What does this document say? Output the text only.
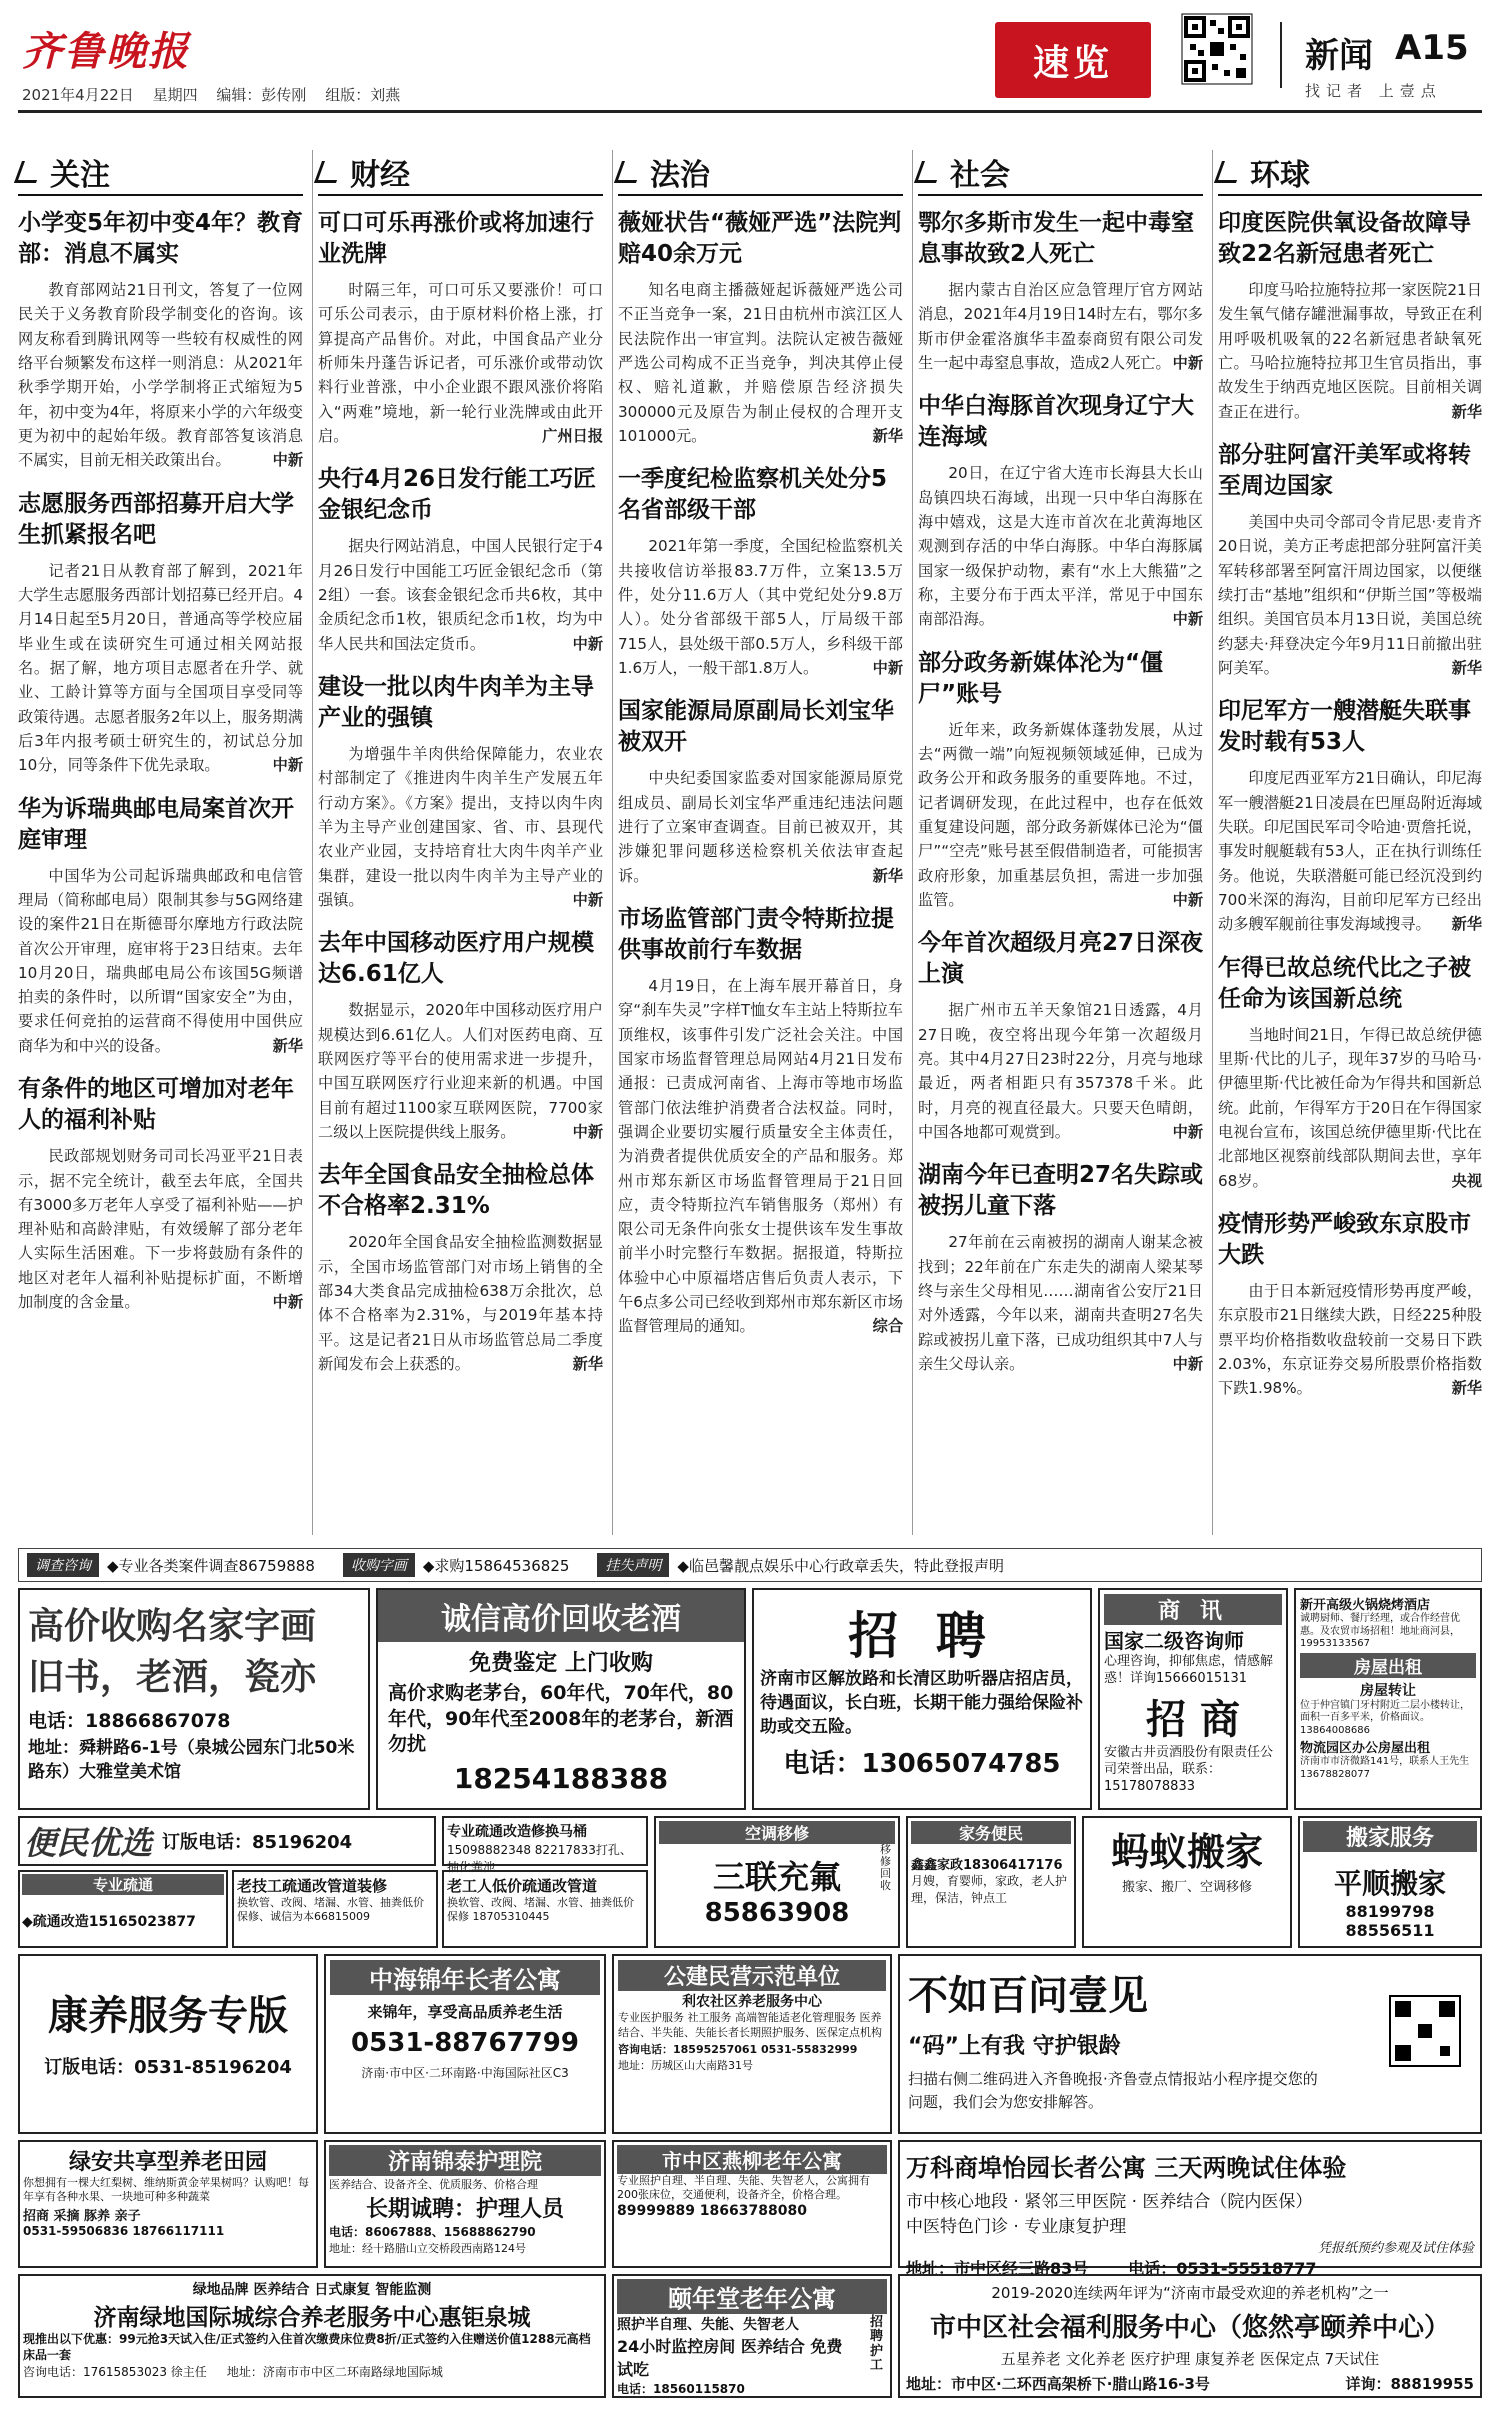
齐鲁晚报
2021年4月22日 星期四 编辑：彭传刚 组版：刘燕
速览	新闻 A15
找记者 上壹点
关注
小学变5年初中变4年？教育部：消息不属实
教育部网站21日刊文，答复了一位网民关于义务教育阶段学制变化的咨询。该网友称看到腾讯网等一些较有权威性的网络平台频繁发布这样一则消息：从2021年秋季学期开始，小学学制将正式缩短为5年，初中变为4年，将原来小学的六年级变更为初中的起始年级。教育部答复该消息不属实，目前无相关政策出台。	中新
志愿服务西部招募开启大学生抓紧报名吧
记者21日从教育部了解到，2021年大学生志愿服务西部计划招募已经开启。4月14日起至5月20日，普通高等学校应届毕业生或在读研究生可通过相关网站报名。据了解，地方项目志愿者在升学、就业、工龄计算等方面与全国项目享受同等政策待遇。志愿者服务2年以上，服务期满后3年内报考硕士研究生的，初试总分加10分，同等条件下优先录取。	中新
华为诉瑞典邮电局案首次开庭审理
中国华为公司起诉瑞典邮政和电信管理局（简称邮电局）限制其参与5G网络建设的案件21日在斯德哥尔摩地方行政法院首次公开审理，庭审将于23日结束。去年10月20日，瑞典邮电局公布该国5G频谱拍卖的条件时，以所谓“国家安全”为由，要求任何竞拍的运营商不得使用中国供应商华为和中兴的设备。	新华
有条件的地区可增加对老年人的福利补贴
民政部规划财务司司长冯亚平21日表示，据不完全统计，截至去年底，全国共有3000多万老年人享受了福利补贴——护理补贴和高龄津贴，有效缓解了部分老年人实际生活困难。下一步将鼓励有条件的地区对老年人福利补贴提标扩面，不断增加制度的含金量。	中新
财经
可口可乐再涨价或将加速行业洗牌
时隔三年，可口可乐又要涨价！可口可乐公司表示，由于原材料价格上涨，打算提高产品售价。对此，中国食品产业分析师朱丹蓬告诉记者，可乐涨价或带动饮料行业普涨，中小企业跟不跟风涨价将陷入“两难”境地，新一轮行业洗牌或由此开启。	广州日报
央行4月26日发行能工巧匠金银纪念币
据央行网站消息，中国人民银行定于4月26日发行中国能工巧匠金银纪念币（第2组）一套。该套金银纪念币共6枚，其中金质纪念币1枚，银质纪念币1枚，均为中华人民共和国法定货币。	中新
建设一批以肉牛肉羊为主导产业的强镇
为增强牛羊肉供给保障能力，农业农村部制定了《推进肉牛肉羊生产发展五年行动方案》。《方案》提出，支持以肉牛肉羊为主导产业创建国家、省、市、县现代农业产业园，支持培育壮大肉牛肉羊产业集群，建设一批以肉牛肉羊为主导产业的强镇。	中新
去年中国移动医疗用户规模达6.61亿人
数据显示，2020年中国移动医疗用户规模达到6.61亿人。人们对医药电商、互联网医疗等平台的使用需求进一步提升，中国互联网医疗行业迎来新的机遇。中国目前有超过1100家互联网医院，7700家二级以上医院提供线上服务。	中新
去年全国食品安全抽检总体不合格率2.31%
2020年全国食品安全抽检监测数据显示，全国市场监管部门对市场上销售的全部34大类食品完成抽检638万余批次，总体不合格率为2.31%，与2019年基本持平。这是记者21日从市场监管总局二季度新闻发布会上获悉的。	新华
法治
薇娅状告“薇娅严选”法院判赔40余万元
知名电商主播薇娅起诉薇娅严选公司不正当竞争一案，21日由杭州市滨江区人民法院作出一审宣判。法院认定被告薇娅严选公司构成不正当竞争，判决其停止侵权、赔礼道歉，并赔偿原告经济损失300000元及原告为制止侵权的合理开支101000元。	新华
一季度纪检监察机关处分5名省部级干部
2021年第一季度，全国纪检监察机关共接收信访举报83.7万件，立案13.5万件，处分11.6万人（其中党纪处分9.8万人）。处分省部级干部5人，厅局级干部715人，县处级干部0.5万人，乡科级干部1.6万人，一般干部1.8万人。	中新
国家能源局原副局长刘宝华被双开
中央纪委国家监委对国家能源局原党组成员、副局长刘宝华严重违纪违法问题进行了立案审查调查。目前已被双开，其涉嫌犯罪问题移送检察机关依法审查起诉。	新华
市场监管部门责令特斯拉提供事故前行车数据
4月19日，在上海车展开幕首日，身穿“刹车失灵”字样T恤女车主站上特斯拉车顶维权，该事件引发广泛社会关注。中国国家市场监督管理总局网站4月21日发布通报：已责成河南省、上海市等地市场监管部门依法维护消费者合法权益。同时，强调企业要切实履行质量安全主体责任，为消费者提供优质安全的产品和服务。郑州市郑东新区市场监督管理局于21日回应，责令特斯拉汽车销售服务（郑州）有限公司无条件向张女士提供该车发生事故前半小时完整行车数据。据报道，特斯拉体验中心中原福塔店售后负责人表示，下午6点多公司已经收到郑州市郑东新区市场监督管理局的通知。	综合
社会
鄂尔多斯市发生一起中毒窒息事故致2人死亡
据内蒙古自治区应急管理厅官方网站消息，2021年4月19日14时左右，鄂尔多斯市伊金霍洛旗华丰盈泰商贸有限公司发生一起中毒窒息事故，造成2人死亡。 中新
中华白海豚首次现身辽宁大连海域
20日，在辽宁省大连市长海县大长山岛镇四块石海域，出现一只中华白海豚在海中嬉戏，这是大连市首次在北黄海地区观测到存活的中华白海豚。中华白海豚属国家一级保护动物，素有“水上大熊猫”之称，主要分布于西太平洋，常见于中国东南部沿海。	中新
部分政务新媒体沦为“僵尸”账号
近年来，政务新媒体蓬勃发展，从过去“两微一端”向短视频领域延伸，已成为政务公开和政务服务的重要阵地。不过，记者调研发现，在此过程中，也存在低效重复建设问题，部分政务新媒体已沦为“僵尸”“空壳”账号甚至假借制造者，可能损害政府形象，加重基层负担，需进一步加强监管。	中新
今年首次超级月亮27日深夜上演
据广州市五羊天象馆21日透露，4月27日晚，夜空将出现今年第一次超级月亮。其中4月27日23时22分，月亮与地球最近，两者相距只有357378千米。此时，月亮的视直径最大。只要天色晴朗，中国各地都可观赏到。	中新
湖南今年已查明27名失踪或被拐儿童下落
27年前在云南被拐的湖南人谢某念被找到；22年前在广东走失的湖南人梁某琴终与亲生父母相见……湖南省公安厅21日对外透露，今年以来，湖南共查明27名失踪或被拐儿童下落，已成功组织其中7人与亲生父母认亲。	中新
环球
印度医院供氧设备故障导致22名新冠患者死亡
印度马哈拉施特拉邦一家医院21日发生氧气储存罐泄漏事故，导致正在利用呼吸机吸氧的22名新冠患者缺氧死亡。马哈拉施特拉邦卫生官员指出，事故发生于纳西克地区医院。目前相关调查正在进行。	新华
部分驻阿富汗美军或将转至周边国家
美国中央司令部司令肯尼思·麦肯齐20日说，美方正考虑把部分驻阿富汗美军转移部署至阿富汗周边国家，以便继续打击“基地”组织和“伊斯兰国”等极端组织。美国官员本月13日说，美国总统约瑟夫·拜登决定今年9月11日前撤出驻阿美军。	新华
印尼军方一艘潜艇失联事发时载有53人
印度尼西亚军方21日确认，印尼海军一艘潜艇21日凌晨在巴厘岛附近海域失联。印尼国民军司令哈迪·贾詹托说，事发时舰艇载有53人，正在执行训练任务。他说，失联潜艇可能已经沉没到约700米深的海沟，目前印尼军方已经出动多艘军舰前往事发海域搜寻。 新华
乍得已故总统代比之子被任命为该国新总统
当地时间21日，乍得已故总统伊德里斯·代比的儿子，现年37岁的马哈马·伊德里斯·代比被任命为乍得共和国新总统。此前，乍得军方于20日在乍得国家电视台宣布，该国总统伊德里斯·代比在北部地区视察前线部队期间去世，享年68岁。	央视
疫情形势严峻致东京股市大跌
由于日本新冠疫情形势再度严峻，东京股市21日继续大跌，日经225种股票平均价格指数收盘较前一交易日下跌2.03%，东京证券交易所股票价格指数下跌1.98%。	新华
调查咨询	◆专业各类案件调查86759888	收购字画	◆求购15864536825	挂失声明	◆临邑馨靓点娱乐中心行政章丢失，特此登报声明
高价收购名家字画
旧书，老酒，瓷亦
电话：18866867078
地址：舜耕路6-1号（泉城公园东门北50米路东）大雅堂美术馆
诚信高价回收老酒
免费鉴定 上门收购
高价求购老茅台，60年代，70年代，80年代，90年代至2008年的老茅台，新酒勿扰
18254188388
招 聘
济南市区解放路和长清区助听器店招店员，待遇面议，长白班，长期干能力强给保险补助或交五险。
电话：13065074785
商 讯
国家二级咨询师
心理咨询，抑郁焦虑，情感解惑！详询15666015131
招 商
安徽古井贡酒股份有限责任公司荣誉出品，联系：15178078833
新开高级火锅烧烤酒店
诚聘厨师、餐厅经理，或合作经营优惠。及农贸市场招租！地址商河县，19953133567
房屋出租
房屋转让
位于仲宫镇门牙村附近二层小楼转让，面积一百多平米，价格面议。13864008686
物流园区办公房屋出租
济南市市济微路141号，联系人王先生13678828077
便民优选 订版电话：85196204
专业疏通
◆疏通改造15165023877
老技工疏通改管道装修
换软管、改阀、堵漏、水管、抽粪低价保修、诚信为本66815009
专业疏通改造修换马桶
15098882348 82217833打孔、抽化粪池
老工人低价疏通改管道
换软管、改阀、堵漏、水管、抽粪低价保修 18705310445
空调移修
三联充氟
85863908
移修回收
家务便民
鑫鑫家政18306417176
月嫂，育婴师，家政，老人护理，保洁，钟点工
蚂蚁搬家
搬家、搬厂、空调移修
搬家服务
平顺搬家
88199798 88556511
康养服务专版
订版电话：0531-85196204
中海锦年长者公寓
来锦年，享受高品质养老生活
0531-88767799
济南·市中区·二环南路·中海国际社区C3
公建民营示范单位
利农社区养老服务中心
专业医护服务 社工服务 高端智能适老化管理服务 医养结合、半失能、失能长者长期照护服务、医保定点机构
咨询电话：18595257061 0531-55832999
地址：历城区山大南路31号
不如百问壹见
“码”上有我 守护银龄
扫描右侧二维码进入齐鲁晚报·齐鲁壹点情报站小程序提交您的问题，我们会为您安排解答。
绿安共享型养老田园
你想拥有一棵大红梨树、维纳斯黄金苹果树吗？认购吧！每年享有各种水果、一块地可种多种蔬菜
招商 采摘 豚养 亲子
0531-59506836 18766117111
济南锦泰护理院
医养结合、设备齐全、优质服务、价格合理
长期诚聘：护理人员
电话：86067888、15688862790
地址：经十路腊山立交桥段西南路124号
市中区燕柳老年公寓
专业照护自理、半自理、失能、失智老人，公寓拥有200张床位，交通便利，设备齐全，价格合理。
89999889 18663788080
万科商埠怡园长者公寓 三天两晚试住体验
市中核心地段 · 紧邻三甲医院 · 医养结合（院内医保）
中医特色门诊 · 专业康复护理
凭报纸预约参观及试住体验
地址：市中区经三路83号	电话：0531-55518777
绿地品牌 医养结合 日式康复 智能监测
济南绿地国际城综合养老服务中心惠钜泉城
现推出以下优惠：99元抢3天试入住/正式签约入住首次缴费床位费8折/正式签约入住赠送价值1288元高档床品一套
咨询电话：17615853023 徐主任 地址：济南市市中区二环南路绿地国际城
颐年堂老年公寓
照护半自理、失能、失智老人
24小时监控房间 医养结合 免费试吃
电话：18560115870
招聘护工
2019-2020连续两年评为“济南市最受欢迎的养老机构”之一
市中区社会福利服务中心（悠然亭颐养中心）
五星养老 文化养老 医疗护理 康复养老 医保定点 7天试住
地址：市中区·二环西高架桥下·腊山路16-3号	详询：88819955
